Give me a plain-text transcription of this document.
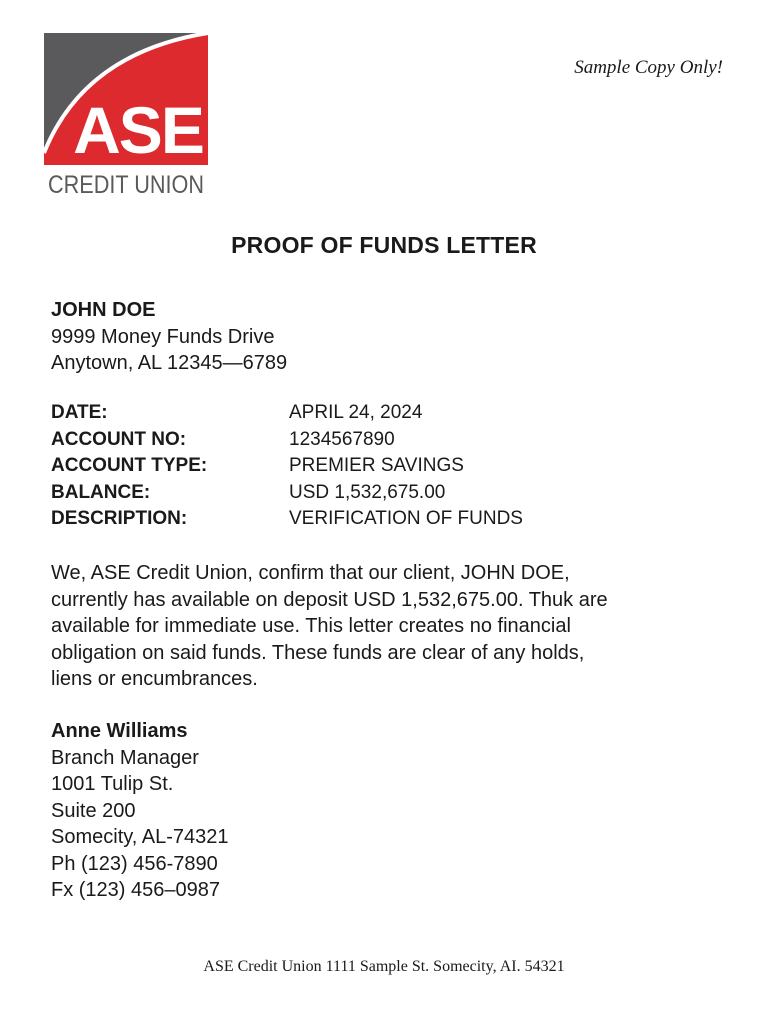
ASE
CREDIT UNION
Sample Copy Only!
PROOF OF FUNDS LETTER
JOHN DOE
9999 Money Funds Drive
Anytown, AL 12345—6789
DATE:	APRIL 24, 2024
ACCOUNT NO:	1234567890
ACCOUNT TYPE:	PREMIER SAVINGS
BALANCE:	USD 1,532,675.00
DESCRIPTION:	VERIFICATION OF FUNDS
We, ASE Credit Union, confirm that our client, JOHN DOE,
currently has available on deposit USD 1,532,675.00. Thuk are
available for immediate use. This letter creates no financial
obligation on said funds. These funds are clear of any holds,
liens or encumbrances.
Anne Williams
Branch Manager
1001 Tulip St.
Suite 200
Somecity, AL-74321
Ph (123) 456-7890
Fx (123) 456–0987
ASE Credit Union 1111 Sample St. Somecity, AI. 54321
